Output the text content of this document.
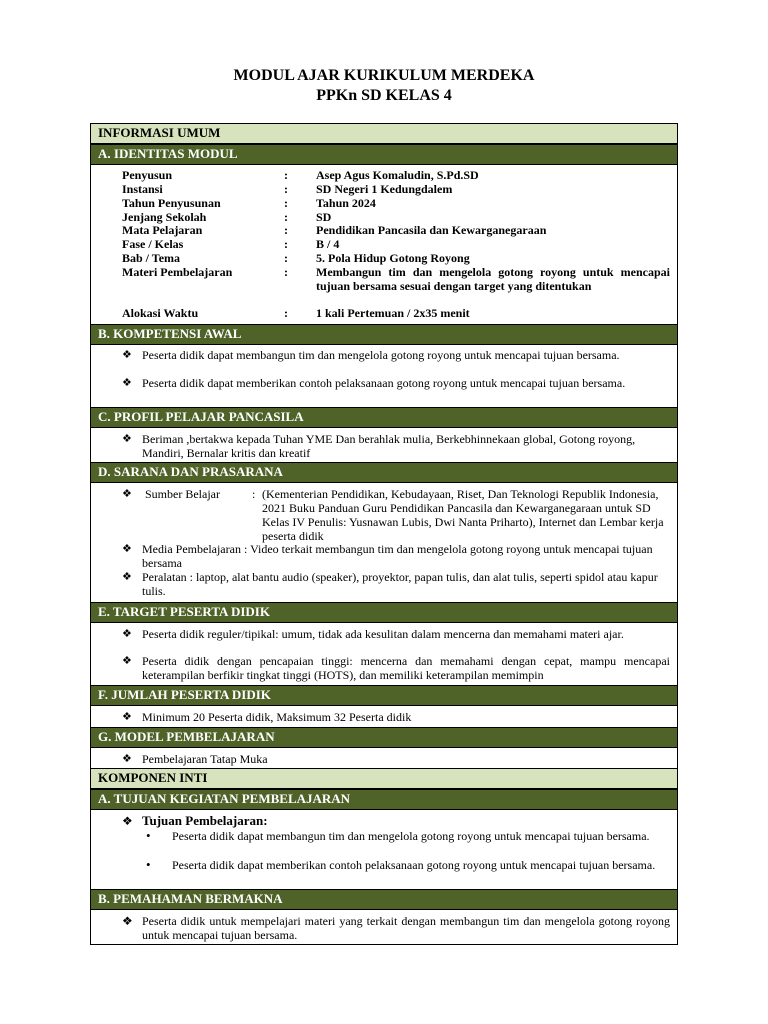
MODUL AJAR KURIKULUM MERDEKA
PPKn SD KELAS 4
INFORMASI UMUM
A. IDENTITAS MODUL
Penyusun	: Asep Agus Komaludin, S.Pd.SD
Instansi	: SD Negeri 1 Kedungdalem
Tahun Penyusunan	: Tahun 2024
Jenjang Sekolah	: SD
Mata Pelajaran	: Pendidikan Pancasila dan Kewarganegaraan
Fase / Kelas	: B / 4
Bab / Tema	: 5. Pola Hidup Gotong Royong
Materi Pembelajaran	: Membangun tim dan mengelola gotong royong untuk mencapai tujuan bersama sesuai dengan target yang ditentukan
Alokasi Waktu	: 1 kali Pertemuan / 2x35 menit
B. KOMPETENSI AWAL
❖ Peserta didik dapat membangun tim dan mengelola gotong royong untuk mencapai tujuan bersama.
❖ Peserta didik dapat memberikan contoh pelaksanaan gotong royong untuk mencapai tujuan bersama.
C. PROFIL PELAJAR PANCASILA
❖ Beriman ,bertakwa kepada Tuhan YME Dan berahlak mulia, Berkebhinnekaan global, Gotong royong, Mandiri, Bernalar kritis dan kreatif
D. SARANA DAN PRASARANA
❖ Sumber Belajar	: (Kementerian Pendidikan, Kebudayaan, Riset, Dan Teknologi Republik Indonesia, 2021 Buku Panduan Guru Pendidikan Pancasila dan Kewarganegaraan untuk SD Kelas IV Penulis: Yusnawan Lubis, Dwi Nanta Priharto), Internet dan Lembar kerja peserta didik
❖ Media Pembelajaran : Video terkait membangun tim dan mengelola gotong royong untuk mencapai tujuan bersama
❖ Peralatan : laptop, alat bantu audio (speaker), proyektor, papan tulis, dan alat tulis, seperti spidol atau kapur tulis.
E. TARGET PESERTA DIDIK
❖ Peserta didik reguler/tipikal: umum, tidak ada kesulitan dalam mencerna dan memahami materi ajar.
❖ Peserta didik dengan pencapaian tinggi: mencerna dan memahami dengan cepat, mampu mencapai keterampilan berfikir tingkat tinggi (HOTS), dan memiliki keterampilan memimpin
F. JUMLAH PESERTA DIDIK
❖ Minimum 20 Peserta didik, Maksimum 32 Peserta didik
G. MODEL PEMBELAJARAN
❖ Pembelajaran Tatap Muka
KOMPONEN INTI
A. TUJUAN KEGIATAN PEMBELAJARAN
❖ Tujuan Pembelajaran:
• Peserta didik dapat membangun tim dan mengelola gotong royong untuk mencapai tujuan bersama.
• Peserta didik dapat memberikan contoh pelaksanaan gotong royong untuk mencapai tujuan bersama.
B. PEMAHAMAN BERMAKNA
❖ Peserta didik untuk mempelajari materi yang terkait dengan membangun tim dan mengelola gotong royong untuk mencapai tujuan bersama.
